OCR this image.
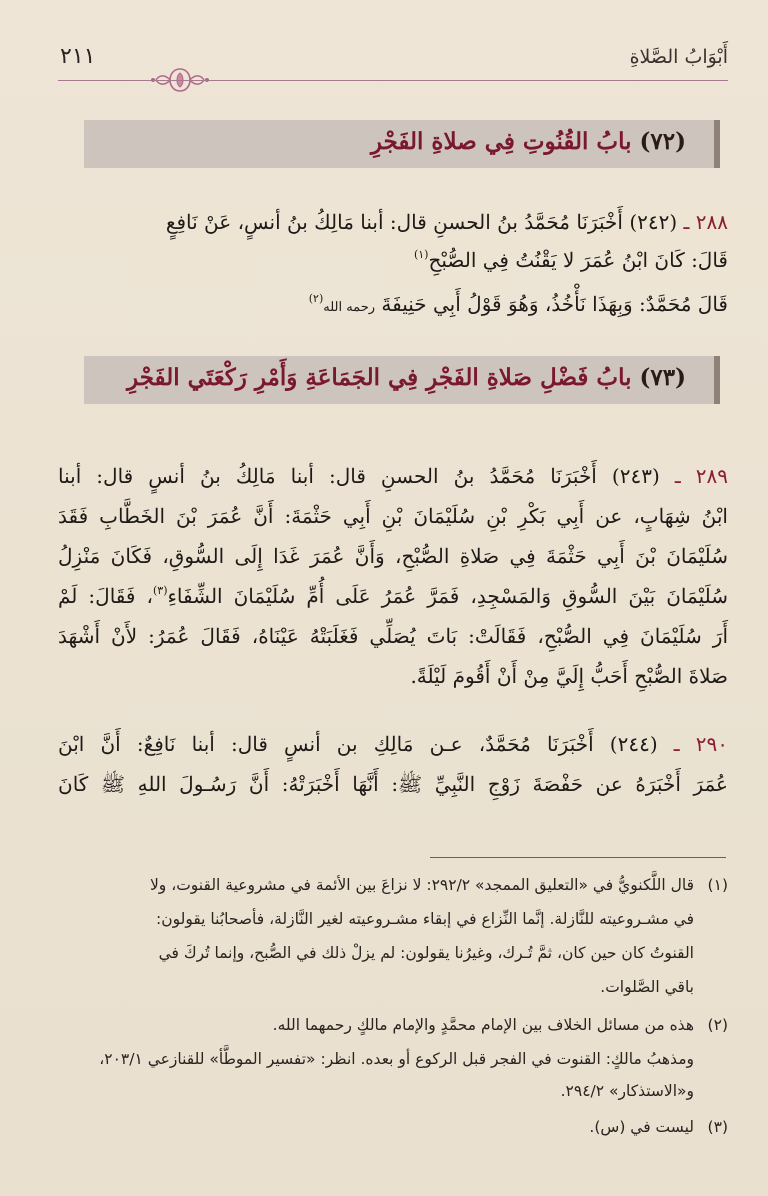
٢١١	أَبْوَابُ الصَّلاةِ
(٧٢) بابُ القُنُوتِ فِي صلاةِ الفَجْرِ
٢٨٨ ـ (٢٤٢) أَخْبَرَنَا مُحَمَّدُ بنُ الحسنِ قال: أبنا مَالِكُ بنُ أنسٍ، عَنْ نَافِعٍ
قَالَ: كَانَ ابْنُ عُمَرَ لا يَقْنُتُ فِي الصُّبْحِ$^{(١)}$
قَالَ مُحَمَّدٌ: وَبِهَذَا نَأْخُذُ، وَهُوَ قَوْلُ أَبِي حَنِيفَةَ رحمه الله$^{(٢)}$
(٧٣) بابُ فَضْلِ صَلاةِ الفَجْرِ فِي الجَمَاعَةِ وَأَمْرِ رَكْعَتَي الفَجْرِ
٢٨٩ ـ (٢٤٣) أَخْبَرَنَا مُحَمَّدُ بنُ الحسنِ قال: أبنا مَالِكُ بنُ أنسٍ قال: أبنا
ابْنُ شِهَابٍ، عن أَبِي بَكْرِ بْنِ سُلَيْمَانَ بْنِ أَبِي حَثْمَةَ: أَنَّ عُمَرَ بْنَ الخَطَّابِ فَقَدَ
سُلَيْمَانَ بْنَ أَبِي حَثْمَةَ فِي صَلاةِ الصُّبْحِ، وَأَنَّ عُمَرَ غَدَا إِلَى السُّوقِ، فَكَانَ مَنْزِلُ
سُلَيْمَانَ بَيْنَ السُّوقِ وَالمَسْجِدِ، فَمَرَّ عُمَرُ عَلَى أُمِّ سُلَيْمَانَ الشِّفَاءِ$^{(٣)}$، فَقَالَ: لَمْ
أَرَ سُلَيْمَانَ فِي الصُّبْحِ، فَقَالَتْ: بَاتَ يُصَلِّي فَغَلَبَتْهُ عَيْنَاهُ، فَقَالَ عُمَرُ: لأَنْ أَشْهَدَ
صَلاةَ الصُّبْحِ أَحَبُّ إِلَيَّ مِنْ أَنْ أَقُومَ لَيْلَةً.
٢٩٠ ـ (٢٤٤) أَخْبَرَنَا مُحَمَّدٌ، عـن مَالِكِ بن أنسٍ قال: أبنا نَافِعٌ: أَنَّ ابْنَ
عُمَرَ أَخْبَرَهُ عن حَفْصَةَ زَوْجِ النَّبِيِّ ﷺ: أَنَّهَا أَخْبَرَتْهُ: أَنَّ رَسُـولَ اللهِ ﷺ كَانَ
(١)قال اللَّكنويُّ في «التعليق الممجد» ٢٩٢/٢: لا نزاعَ بين الأئمة في مشروعية القنوت، ولا
في مشـروعيته للنَّازلة. إنَّما النِّزاع في إبقاء مشـروعيته لغير النَّازلة، فأصحابُنا يقولون:
القنوتُ كان حين كان، ثمَّ تُـرك، وغيرُنا يقولون: لم يزلْ ذلك في الصُّبح، وإنما تُركَ في
باقي الصَّلوات.
(٢)هذه من مسائل الخلاف بين الإمام محمَّدٍ والإمام مالكٍ رحمهما الله.
ومذهبُ مالكٍ: القنوت في الفجر قبل الركوع أو بعده. انظر: «تفسير الموطَّأ» للقنازعي ٢٠٣/١،
و«الاستذكار» ٢٩٤/٢.
(٣)ليست في (س).
